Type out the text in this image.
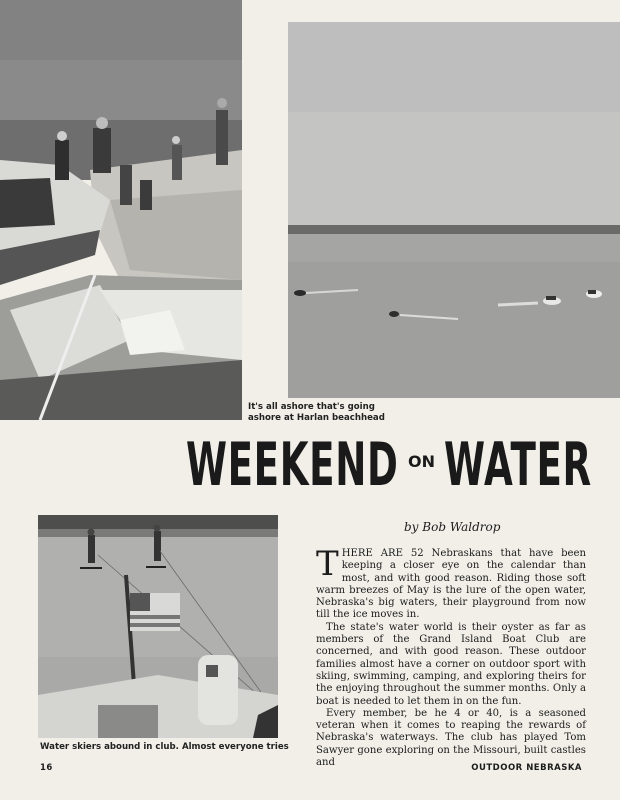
It's all ashore that's going ashore at Harlan beachhead
WEEKEND ON WATER
Water skiers abound in club. Almost everyone tries
by Bob Waldrop

THERE ARE 52 Nebraskans that have been keeping a closer eye on the calendar than most, and with good reason. Riding those soft warm breezes of May is the lure of the open water, Nebraska's big waters, their playground from now till the ice moves in.

The state's water world is their oyster as far as members of the Grand Island Boat Club are concerned, and with good reason. These outdoor families almost have a corner on outdoor sport with skiing, swimming, camping, and exploring theirs for the enjoying throughout the summer months. Only a boat is needed to let them in on the fun.

Every member, be he 4 or 40, is a seasoned veteran when it comes to reaping the rewards of Nebraska's waterways. The club has played Tom Sawyer gone exploring on the Missouri, built castles and

16	OUTDOOR NEBRASKA
